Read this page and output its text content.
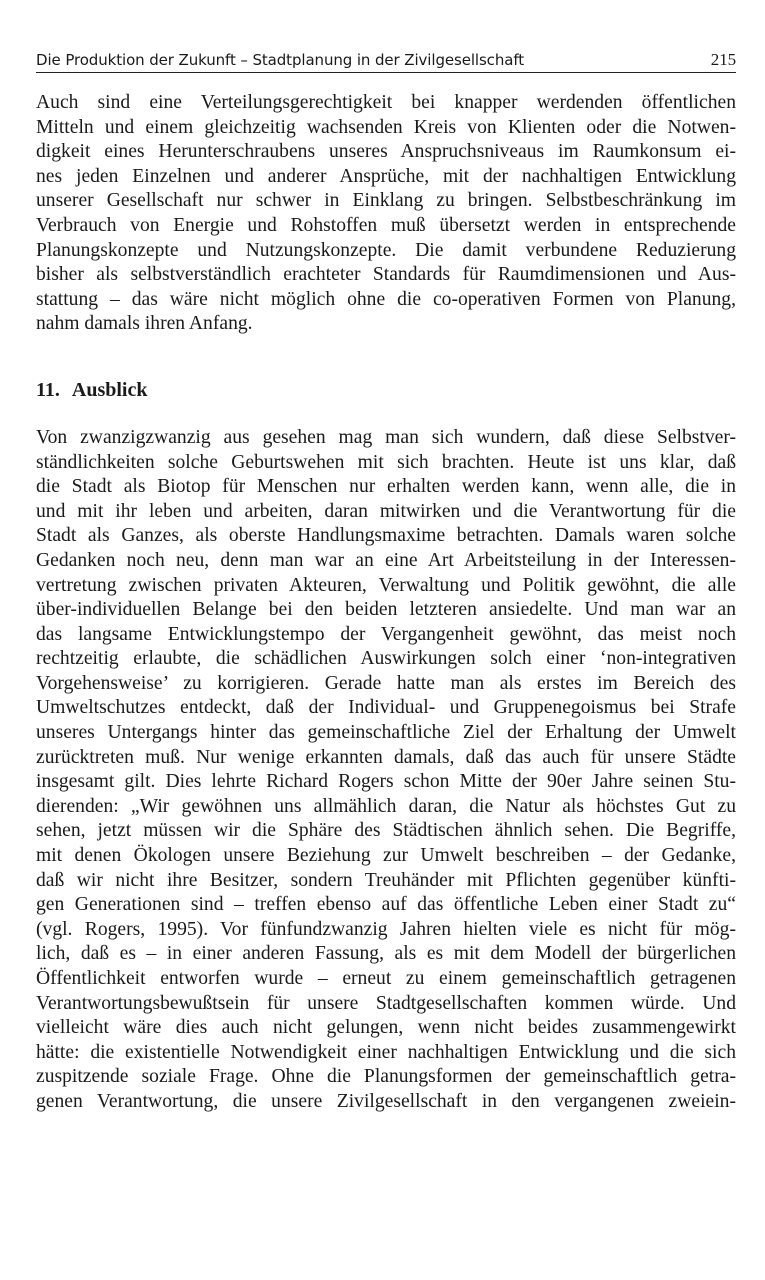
Die Produktion der Zukunft – Stadtplanung in der Zivilgesellschaft	215
Auch sind eine Verteilungsgerechtigkeit bei knapper werdenden öffentlichen
Mitteln und einem gleichzeitig wachsenden Kreis von Klienten oder die Notwen-
digkeit eines Herunterschraubens unseres Anspruchsniveaus im Raumkonsum ei-
nes jeden Einzelnen und anderer Ansprüche, mit der nachhaltigen Entwicklung
unserer Gesellschaft nur schwer in Einklang zu bringen. Selbstbeschränkung im
Verbrauch von Energie und Rohstoffen muß übersetzt werden in entsprechende
Planungskonzepte und Nutzungskonzepte. Die damit verbundene Reduzierung
bisher als selbstverständlich erachteter Standards für Raumdimensionen und Aus-
stattung – das wäre nicht möglich ohne die co-operativen Formen von Planung,
nahm damals ihren Anfang.
11. Ausblick
Von zwanzigzwanzig aus gesehen mag man sich wundern, daß diese Selbstver-
ständlichkeiten solche Geburtswehen mit sich brachten. Heute ist uns klar, daß
die Stadt als Biotop für Menschen nur erhalten werden kann, wenn alle, die in
und mit ihr leben und arbeiten, daran mitwirken und die Verantwortung für die
Stadt als Ganzes, als oberste Handlungsmaxime betrachten. Damals waren solche
Gedanken noch neu, denn man war an eine Art Arbeitsteilung in der Interessen-
vertretung zwischen privaten Akteuren, Verwaltung und Politik gewöhnt, die alle
über-individuellen Belange bei den beiden letzteren ansiedelte. Und man war an
das langsame Entwicklungstempo der Vergangenheit gewöhnt, das meist noch
rechtzeitig erlaubte, die schädlichen Auswirkungen solch einer ‘non-integrativen
Vorgehensweise’ zu korrigieren. Gerade hatte man als erstes im Bereich des
Umweltschutzes entdeckt, daß der Individual- und Gruppenegoismus bei Strafe
unseres Untergangs hinter das gemeinschaftliche Ziel der Erhaltung der Umwelt
zurücktreten muß. Nur wenige erkannten damals, daß das auch für unsere Städte
insgesamt gilt. Dies lehrte Richard Rogers schon Mitte der 90er Jahre seinen Stu-
dierenden: „Wir gewöhnen uns allmählich daran, die Natur als höchstes Gut zu
sehen, jetzt müssen wir die Sphäre des Städtischen ähnlich sehen. Die Begriffe,
mit denen Ökologen unsere Beziehung zur Umwelt beschreiben – der Gedanke,
daß wir nicht ihre Besitzer, sondern Treuhänder mit Pflichten gegenüber künfti-
gen Generationen sind – treffen ebenso auf das öffentliche Leben einer Stadt zu“
(vgl. Rogers, 1995). Vor fünfundzwanzig Jahren hielten viele es nicht für mög-
lich, daß es – in einer anderen Fassung, als es mit dem Modell der bürgerlichen
Öffentlichkeit entworfen wurde – erneut zu einem gemeinschaftlich getragenen
Verantwortungsbewußtsein für unsere Stadtgesellschaften kommen würde. Und
vielleicht wäre dies auch nicht gelungen, wenn nicht beides zusammengewirkt
hätte: die existentielle Notwendigkeit einer nachhaltigen Entwicklung und die sich
zuspitzende soziale Frage. Ohne die Planungsformen der gemeinschaftlich getra-
genen Verantwortung, die unsere Zivilgesellschaft in den vergangenen zweiein-
